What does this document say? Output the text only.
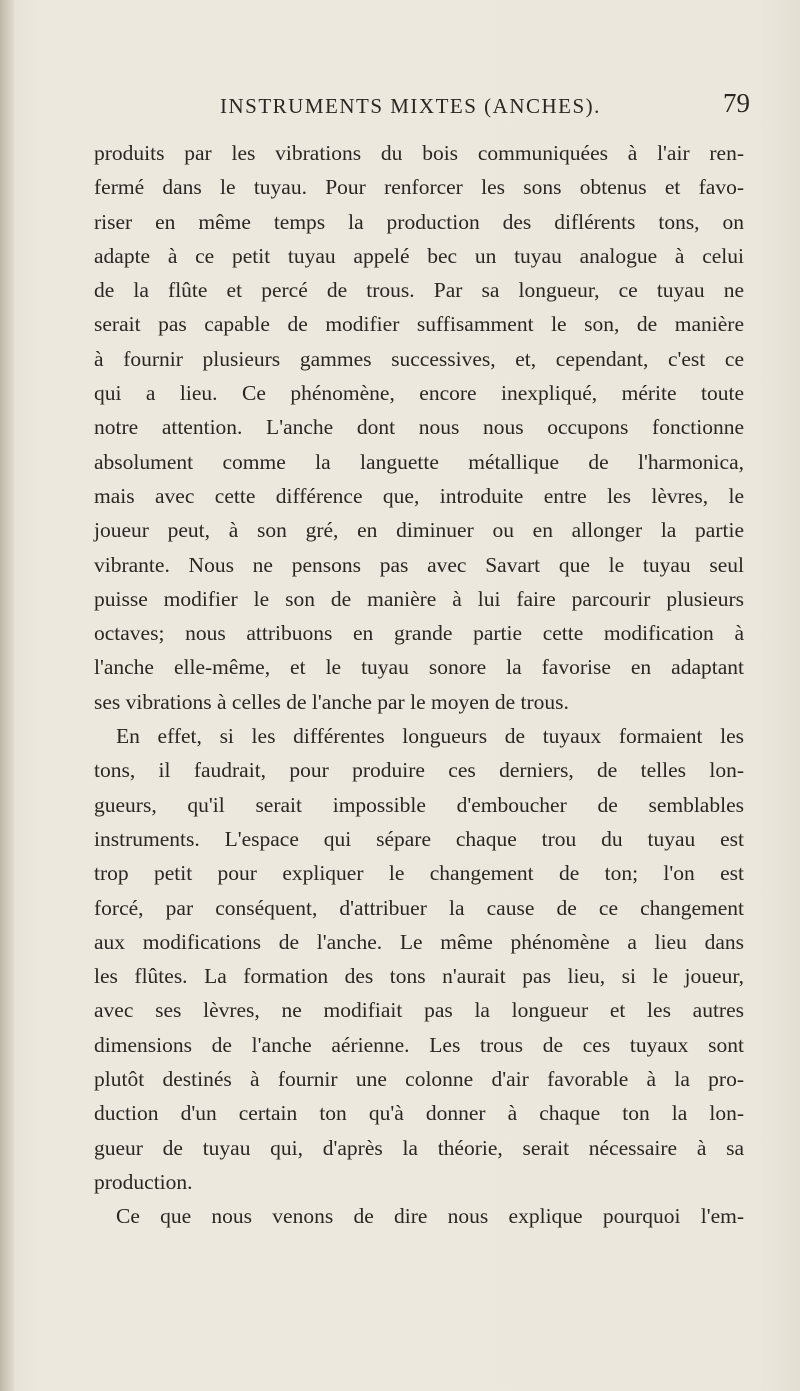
INSTRUMENTS MIXTES (ANCHES).	79
produits par les vibrations du bois communiquées à l'air ren-
fermé dans le tuyau. Pour renforcer les sons obtenus et favo-
riser en même temps la production des diflérents tons, on
adapte à ce petit tuyau appelé bec un tuyau analogue à celui
de la flûte et percé de trous. Par sa longueur, ce tuyau ne
serait pas capable de modifier suffisamment le son, de manière
à fournir plusieurs gammes successives, et, cependant, c'est ce
qui a lieu. Ce phénomène, encore inexpliqué, mérite toute
notre attention. L'anche dont nous nous occupons fonctionne
absolument comme la languette métallique de l'harmonica,
mais avec cette différence que, introduite entre les lèvres, le
joueur peut, à son gré, en diminuer ou en allonger la partie
vibrante. Nous ne pensons pas avec Savart que le tuyau seul
puisse modifier le son de manière à lui faire parcourir plusieurs
octaves; nous attribuons en grande partie cette modification à
l'anche elle-même, et le tuyau sonore la favorise en adaptant
ses vibrations à celles de l'anche par le moyen de trous.
En effet, si les différentes longueurs de tuyaux formaient les
tons, il faudrait, pour produire ces derniers, de telles lon-
gueurs, qu'il serait impossible d'emboucher de semblables
instruments. L'espace qui sépare chaque trou du tuyau est
trop petit pour expliquer le changement de ton; l'on est
forcé, par conséquent, d'attribuer la cause de ce changement
aux modifications de l'anche. Le même phénomène a lieu dans
les flûtes. La formation des tons n'aurait pas lieu, si le joueur,
avec ses lèvres, ne modifiait pas la longueur et les autres
dimensions de l'anche aérienne. Les trous de ces tuyaux sont
plutôt destinés à fournir une colonne d'air favorable à la pro-
duction d'un certain ton qu'à donner à chaque ton la lon-
gueur de tuyau qui, d'après la théorie, serait nécessaire à sa
production.
Ce que nous venons de dire nous explique pourquoi l'em-
